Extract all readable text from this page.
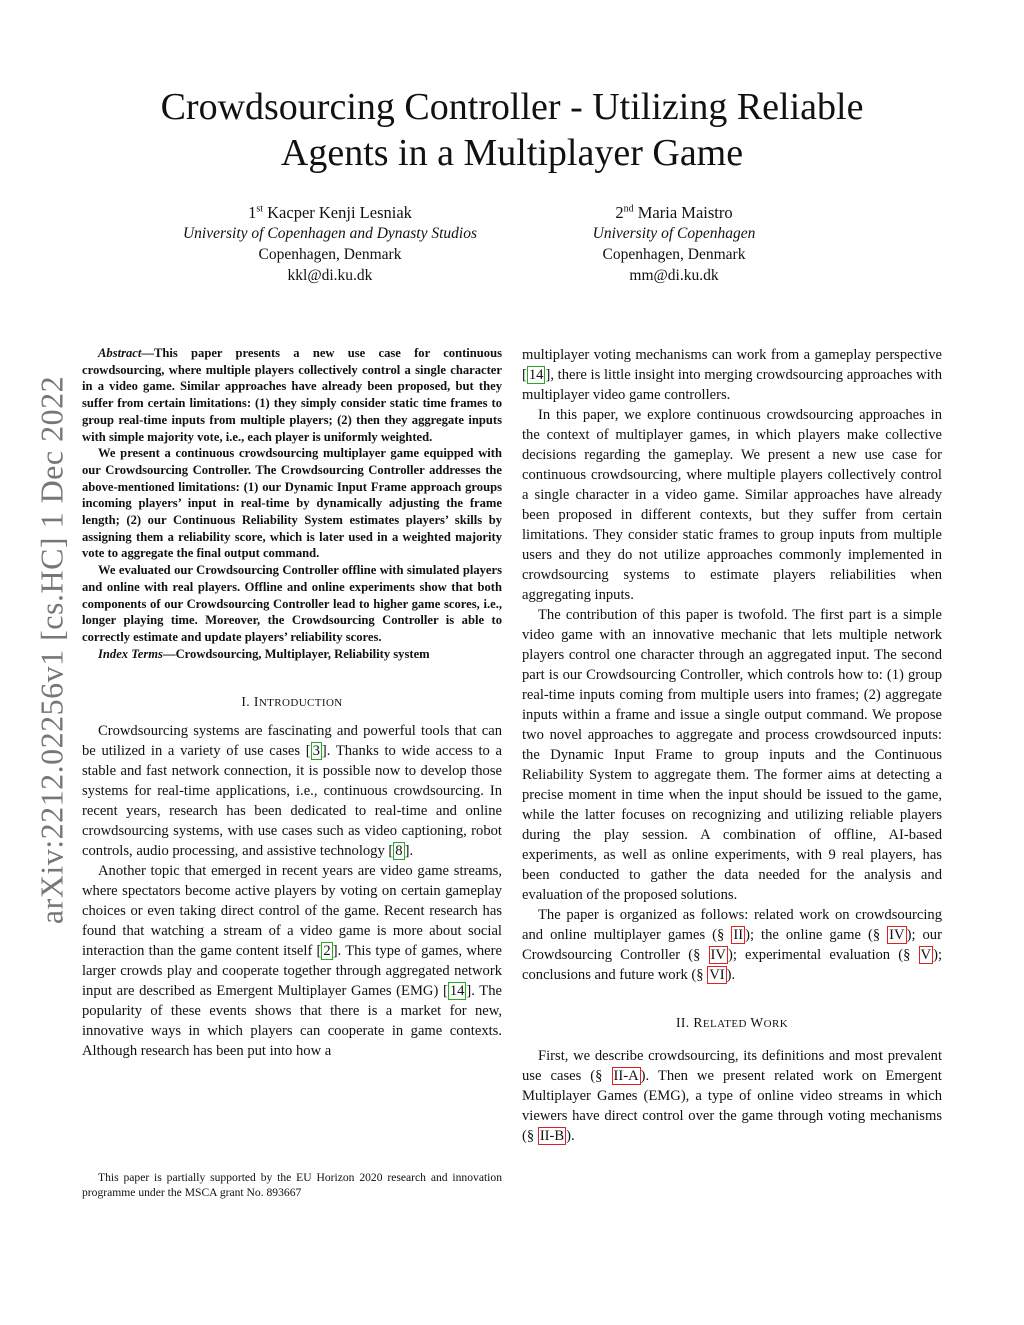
arXiv:2212.02256v1 [cs.HC] 1 Dec 2022
Crowdsourcing Controller - Utilizing Reliable
Agents in a Multiplayer Game
1st Kacper Kenji Lesniak
University of Copenhagen and Dynasty Studios
Copenhagen, Denmark
kkl@di.ku.dk
2nd Maria Maistro
University of Copenhagen
Copenhagen, Denmark
mm@di.ku.dk

Abstract—This paper presents a new use case for continuous crowdsourcing, where multiple players collectively control a single character in a video game. Similar approaches have already been proposed, but they suffer from certain limitations: (1) they simply consider static time frames to group real-time inputs from multiple players; (2) then they aggregate inputs with simple majority vote, i.e., each player is uniformly weighted.

We present a continuous crowdsourcing multiplayer game equipped with our Crowdsourcing Controller. The Crowdsourcing Controller addresses the above-mentioned limitations: (1) our Dynamic Input Frame approach groups incoming players’ input in real-time by dynamically adjusting the frame length; (2) our Continuous Reliability System estimates players’ skills by assigning them a reliability score, which is later used in a weighted majority vote to aggregate the final output command.

We evaluated our Crowdsourcing Controller offline with simulated players and online with real players. Offline and online experiments show that both components of our Crowdsourcing Controller lead to higher game scores, i.e., longer playing time. Moreover, the Crowdsourcing Controller is able to correctly estimate and update players’ reliability scores.

Index Terms—Crowdsourcing, Multiplayer, Reliability system

I. INTRODUCTION

Crowdsourcing systems are fascinating and powerful tools that can be utilized in a variety of use cases [ 3 ]. Thanks to wide access to a stable and fast network connection, it is possible now to develop those systems for real-time applications, i.e., continuous crowdsourcing. In recent years, research has been dedicated to real-time and online crowdsourcing systems, with use cases such as video captioning, robot controls, audio processing, and assistive technology [ 8 ].

Another topic that emerged in recent years are video game streams, where spectators become active players by voting on certain gameplay choices or even taking direct control of the game. Recent research has found that watching a stream of a video game is more about social interaction than the game content itself [ 2 ]. This type of games, where larger crowds play and cooperate together through aggregated network input are described as Emergent Multiplayer Games (EMG) [ 14 ]. The popularity of these events shows that there is a market for new, innovative ways in which players can cooperate in game contexts. Although research has been put into how a

This paper is partially supported by the EU Horizon 2020 research and innovation programme under the MSCA grant No. 893667

multiplayer voting mechanisms can work from a gameplay perspective [ 14 ], there is little insight into merging crowdsourcing approaches with multiplayer video game controllers.

In this paper, we explore continuous crowdsourcing approaches in the context of multiplayer games, in which players make collective decisions regarding the gameplay. We present a new use case for continuous crowdsourcing, where multiple players collectively control a single character in a video game. Similar approaches have already been proposed in different contexts, but they suffer from certain limitations. They consider static frames to group inputs from multiple users and they do not utilize approaches commonly implemented in crowdsourcing systems to estimate players reliabilities when aggregating inputs.

The contribution of this paper is twofold. The first part is a simple video game with an innovative mechanic that lets multiple network players control one character through an aggregated input. The second part is our Crowdsourcing Controller, which controls how to: (1) group real-time inputs coming from multiple users into frames; (2) aggregate inputs within a frame and issue a single output command. We propose two novel approaches to aggregate and process crowdsourced inputs: the Dynamic Input Frame to group inputs and the Continuous Reliability System to aggregate them. The former aims at detecting a precise moment in time when the input should be issued to the game, while the latter focuses on recognizing and utilizing reliable players during the play session. A combination of offline, AI-based experiments, as well as online experiments, with 9 real players, has been conducted to gather the data needed for the analysis and evaluation of the proposed solutions.

The paper is organized as follows: related work on crowdsourcing and online multiplayer games (§ II ); the online game (§ IV ); our Crowdsourcing Controller (§ IV ); experimental evaluation (§ V ); conclusions and future work (§ VI ).

II. RELATED WORK

First, we describe crowdsourcing, its definitions and most prevalent use cases (§ II-A ). Then we present related work on Emergent Multiplayer Games (EMG), a type of online video streams in which viewers have direct control over the game through voting mechanisms (§ II-B ).
